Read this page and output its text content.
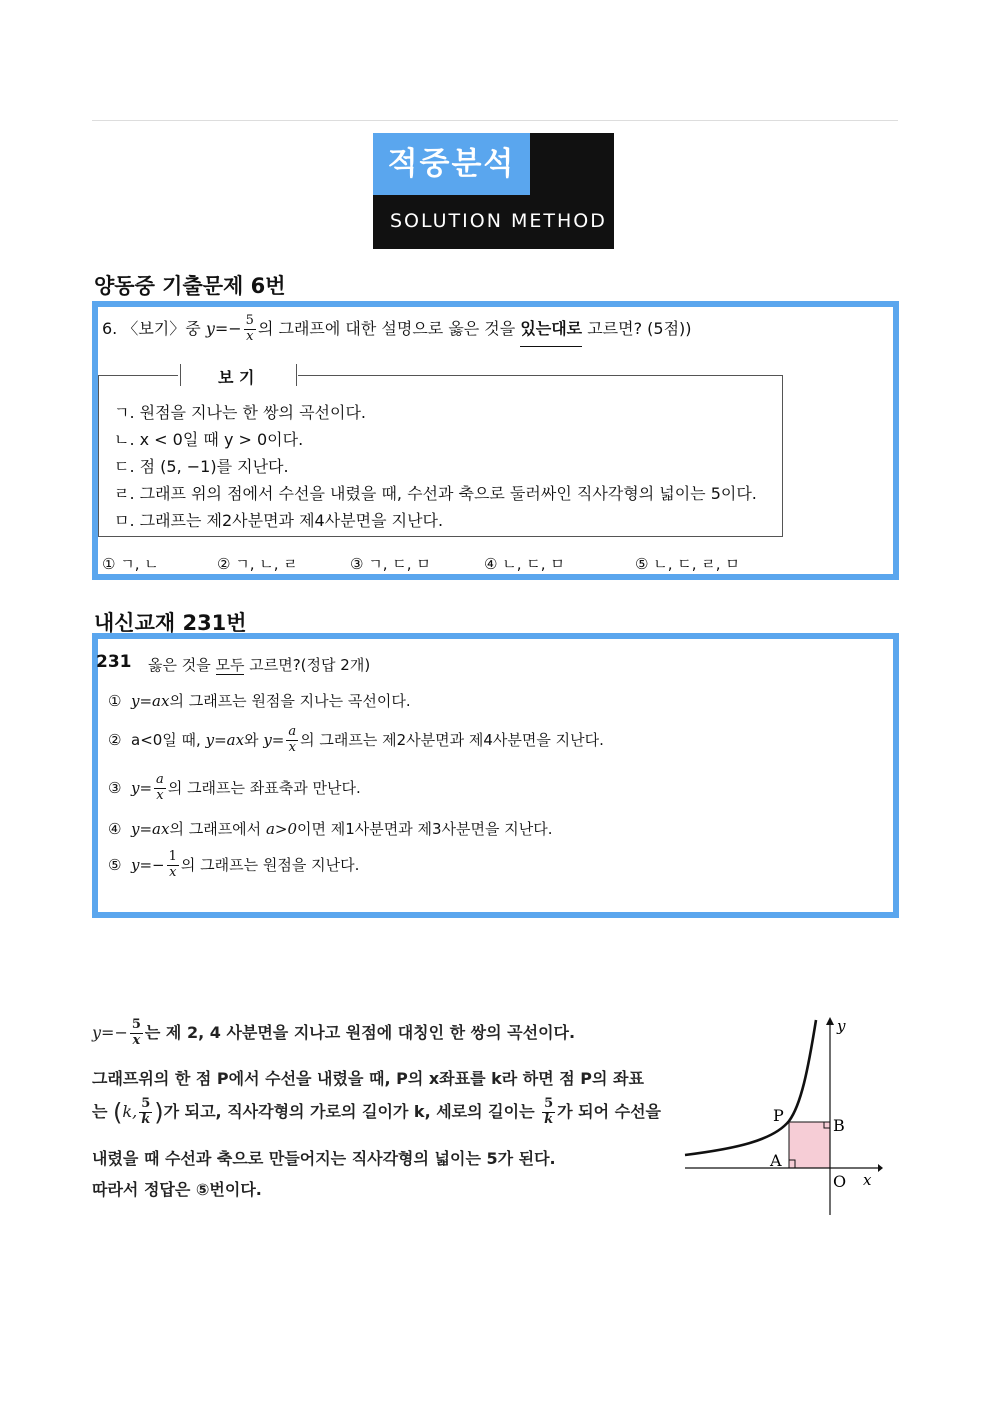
적중분석
SOLUTION METHOD
양동중 기출문제 6번
6. 〈보기〉중 $y=- \frac{5}{x}$ 의 그래프에 대한 설명으로 옳은 것을 있는대로 고르면? (5점))
보 기
ㄱ. 원점을 지나는 한 쌍의 곡선이다.
ㄴ. x < 0일 때 y > 0이다.
ㄷ. 점 (5, −1)를 지난다.
ㄹ. 그래프 위의 점에서 수선을 내렸을 때, 수선과 축으로 둘러싸인 직사각형의 넓이는 5이다.
ㅁ. 그래프는 제2사분면과 제4사분면을 지난다.
① ㄱ, ㄴ	② ㄱ, ㄴ, ㄹ	③ ㄱ, ㄷ, ㅁ	④ ㄴ, ㄷ, ㅁ	⑤ ㄴ, ㄷ, ㄹ, ㅁ
내신교재 231번
231 옳은 것을 모두 고르면?(정답 2개)
① y=ax의 그래프는 원점을 지나는 곡선이다.
② a<0일 때, y=ax와 $y= \frac{a}{x}$ 의 그래프는 제2사분면과 제4사분면을 지난다.
③ $y= \frac{a}{x}$ 의 그래프는 좌표축과 만난다.
④ y=ax의 그래프에서 a>0이면 제1사분면과 제3사분면을 지난다.
⑤ $y=- \frac{1}{x}$ 의 그래프는 원점을 지난다.
$y=- \frac{5}{x}$ 는 제 2, 4 사분면을 지나고 원점에 대칭인 한 쌍의 곡선이다.
그래프위의 한 점 P에서 수선을 내렸을 때, P의 x좌표를 k라 하면 점 P의 좌표
는 (k, $\frac{5}{k}$ )가 되고, 직사각형의 가로의 길이가 k, 세로의 길이는 $\frac{5}{k}$ 가 되어 수선을
내렸을 때 수선과 축으로 만들어지는 직사각형의 넓이는 5가 된다.
따라서 정답은 ⑤번이다.
y
x
O
P
A
B
